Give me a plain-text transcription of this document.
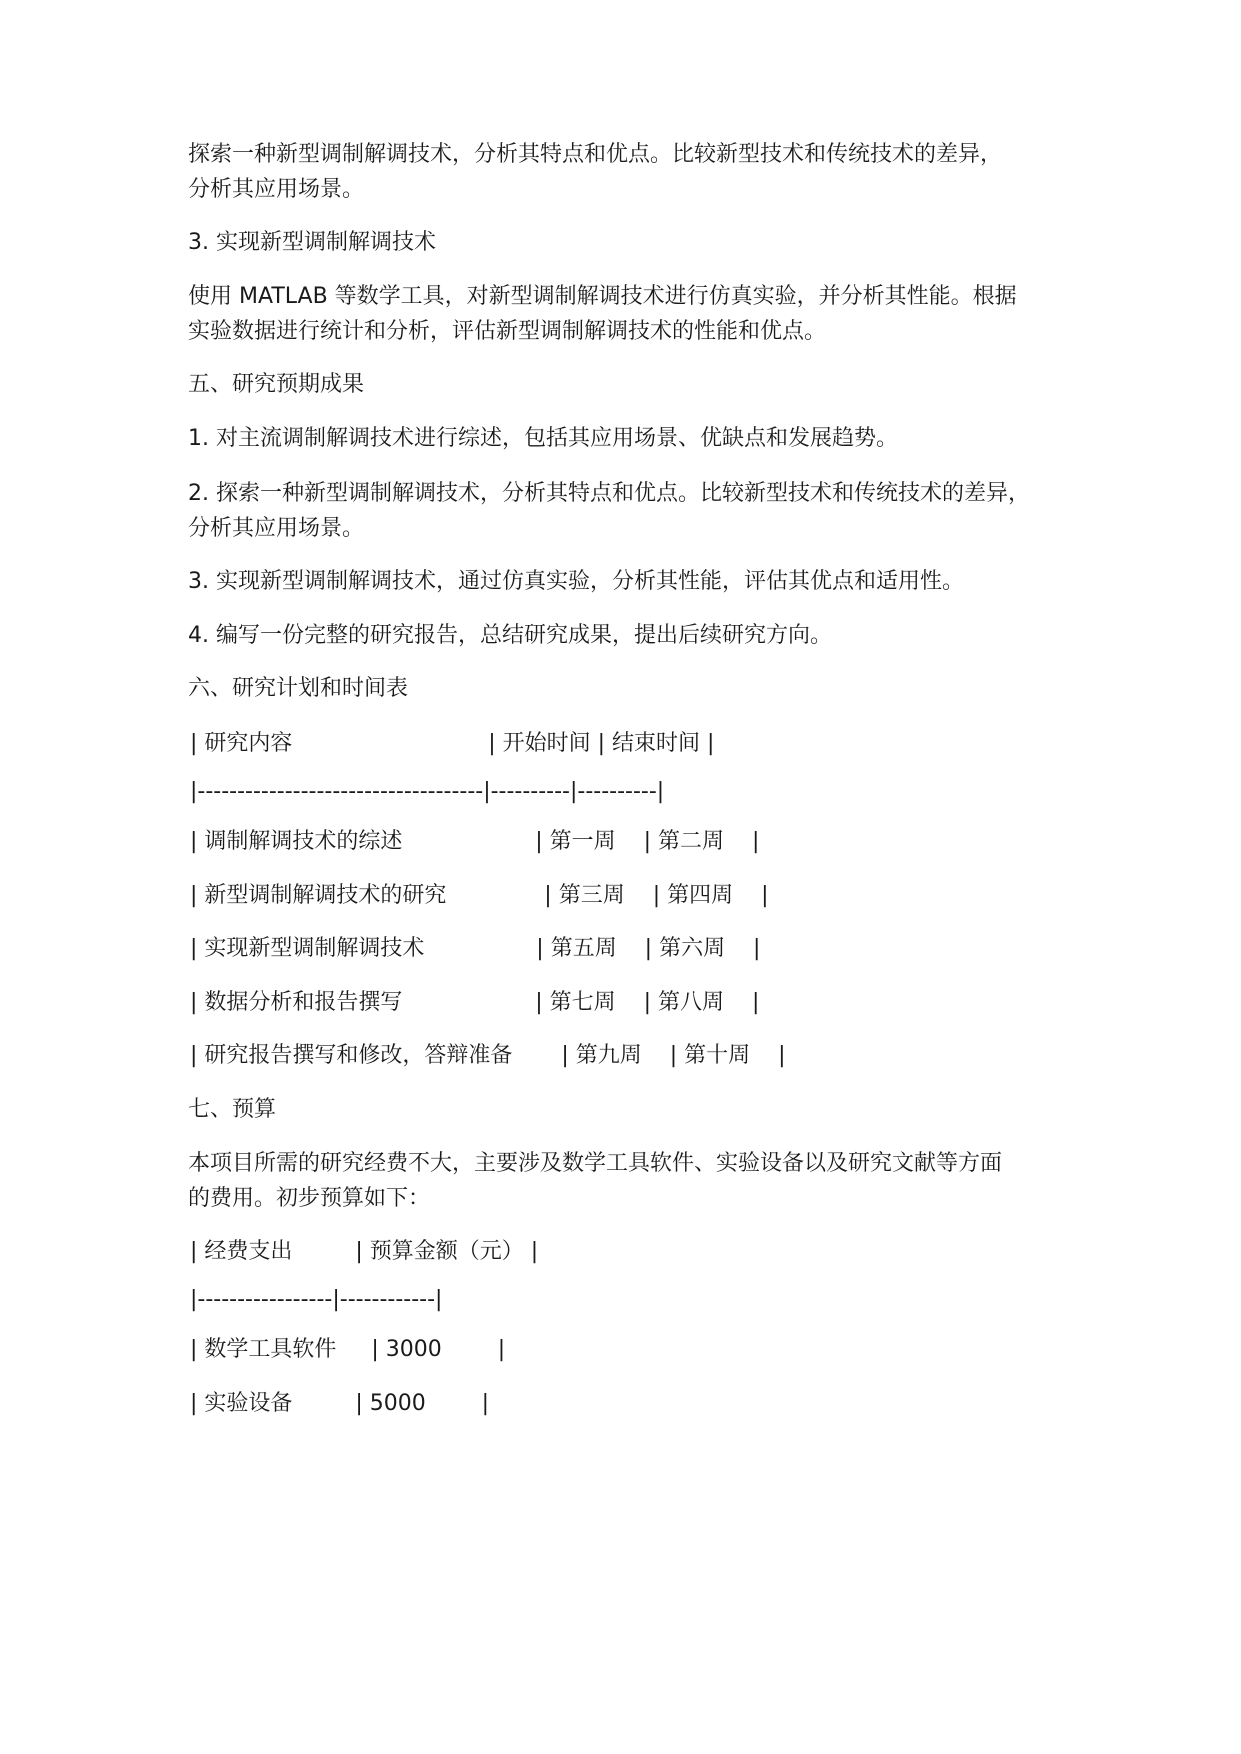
探索一种新型调制解调技术，分析其特点和优点。比较新型技术和传统技术的差异，
分析其应用场景。
3. 实现新型调制解调技术
使用 MATLAB 等数学工具，对新型调制解调技术进行仿真实验，并分析其性能。根据
实验数据进行统计和分析，评估新型调制解调技术的性能和优点。
五、研究预期成果
1. 对主流调制解调技术进行综述，包括其应用场景、优缺点和发展趋势。
2. 探索一种新型调制解调技术，分析其特点和优点。比较新型技术和传统技术的差异，
分析其应用场景。
3. 实现新型调制解调技术，通过仿真实验，分析其性能，评估其优点和适用性。
4. 编写一份完整的研究报告，总结研究成果，提出后续研究方向。
六、研究计划和时间表
| 研究内容                            | 开始时间 | 结束时间 |
|------------------------------------|----------|----------|
| 调制解调技术的综述                   | 第一周    | 第二周    |
| 新型调制解调技术的研究              | 第三周    | 第四周    |
| 实现新型调制解调技术                | 第五周    | 第六周    |
| 数据分析和报告撰写                   | 第七周    | 第八周    |
| 研究报告撰写和修改，答辩准备       | 第九周    | 第十周    |
七、预算
本项目所需的研究经费不大，主要涉及数学工具软件、实验设备以及研究文献等方面
的费用。初步预算如下：
| 经费支出         | 预算金额（元） |
|-----------------|------------|
| 数学工具软件     | 3000        |
| 实验设备         | 5000        |
